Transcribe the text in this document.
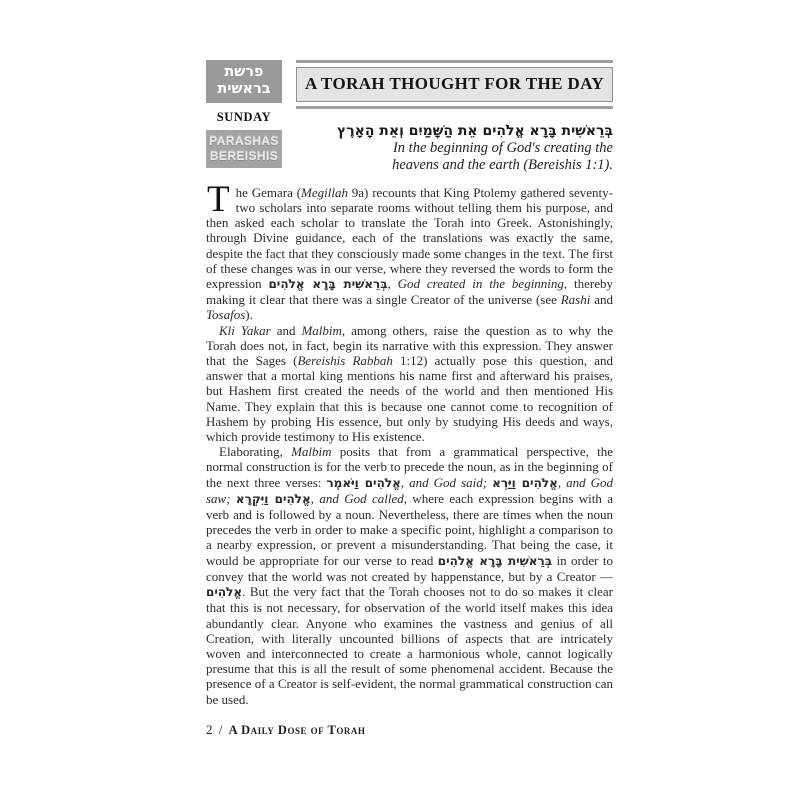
פרשת
בראשית
SUNDAY
PARASHAS
BEREISHIS
A TORAH THOUGHT FOR THE DAY
בְּרֵאשִׁית בָּרָא אֱלֹהִים אֵת הַשָּׁמַיִם וְאֵת הָאָרֶץ
In the beginning of God's creating the
heavens and the earth (Bereishis 1:1).

The Gemara (Megillah 9a) recounts that King Ptolemy gathered seventy-two scholars into separate rooms without telling them his purpose, and then asked each scholar to translate the Torah into Greek. Astonishingly, through Divine guidance, each of the translations was exactly the same, despite the fact that they consciously made some changes in the text. The first of these changes was in our verse, where they reversed the words to form the expression אֱלֹהִים בָּרָא בְּרֵאשִׁית, God created in the beginning, thereby making it clear that there was a single Creator of the universe (see Rashi and Tosafos).

Kli Yakar and Malbim, among others, raise the question as to why the Torah does not, in fact, begin its narrative with this expression. They answer that the Sages (Bereishis Rabbah 1:12) actually pose this question, and answer that a mortal king mentions his name first and afterward his praises, but Hashem first created the needs of the world and then mentioned His Name. They explain that this is because one cannot come to recognition of Hashem by probing His essence, but only by studying His deeds and ways, which provide testimony to His existence.

Elaborating, Malbim posits that from a grammatical perspective, the normal construction is for the verb to precede the noun, as in the beginning of the next three verses: וַיֹּאמֶר אֱלֹהִים, and God said; וַיַּרְא אֱלֹהִים, and God saw; וַיִּקְרָא אֱלֹהִים, and God called, where each expression begins with a verb and is followed by a noun. Nevertheless, there are times when the noun precedes the verb in order to make a specific point, highlight a comparison to a nearby expression, or prevent a misunderstanding. That being the case, it would be appropriate for our verse to read אֱלֹהִים בָּרָא בְּרֵאשִׁית in order to convey that the world was not created by happenstance, but by a Creator — אֱלֹהִים. But the very fact that the Torah chooses not to do so makes it clear that this is not necessary, for observation of the world itself makes this idea abundantly clear. Anyone who examines the vastness and genius of all Creation, with literally uncounted billions of aspects that are intricately woven and interconnected to create a harmonious whole, cannot logically presume that this is all the result of some phenomenal accident. Because the presence of a Creator is self-evident, the normal grammatical construction can be used.

2 / A Daily Dose of Torah
